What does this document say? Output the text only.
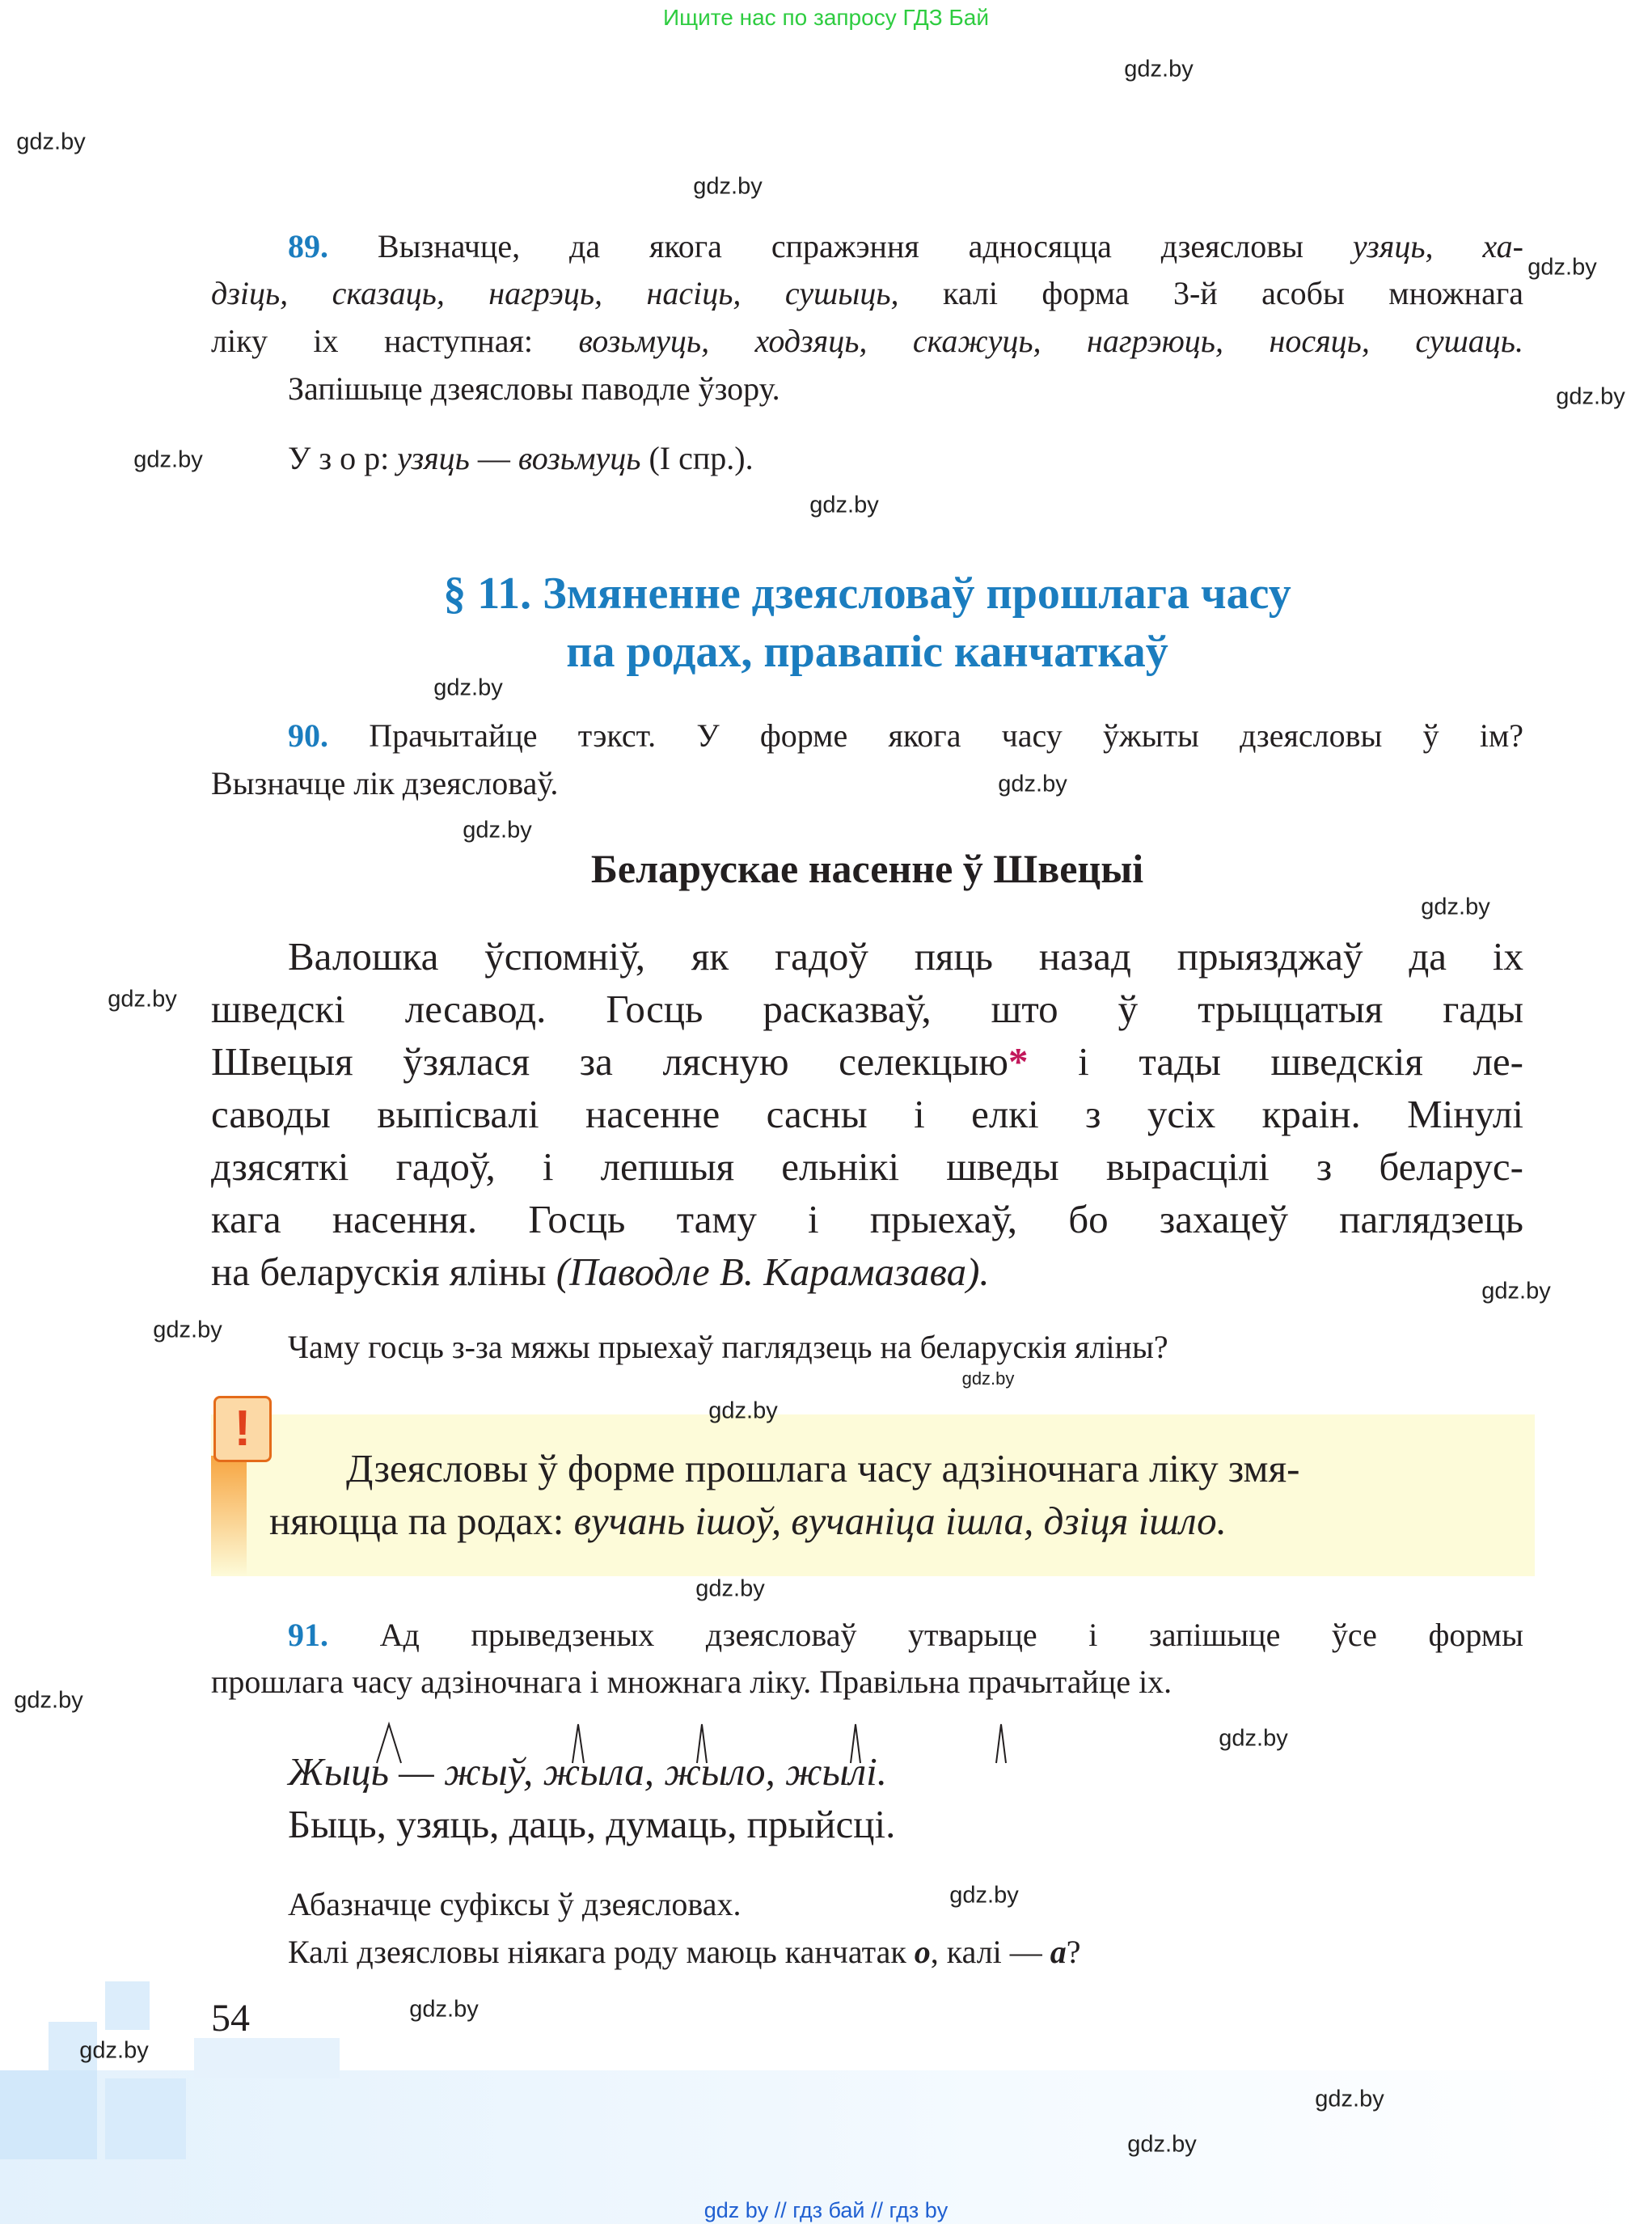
Ищите нас по запросу ГДЗ Бай
89. Вызначце, да якога спражэння адносяцца дзеясловы узяць, ха-
дзіць, сказаць, нагрэць, насіць, сушыць, калі форма 3-й асобы множнага
ліку іх наступная: возьмуць, ходзяць, скажуць, нагрэюць, носяць, сушаць.
Запішыце дзеясловы паводле ўзору.
У з о р: узяць — возьмуць (I спр.).
§ 11. Змяненне дзеясловаў прошлага часу
па родах, правапіс канчаткаў
90. Прачытайце тэкст. У форме якога часу ўжыты дзеясловы ў ім?
Вызначце лік дзеясловаў.
Беларускае насенне ў Швецыі
Валошка ўспомніў, як гадоў пяць назад прыязджаў да іх
шведскі лесавод. Госць расказваў, што ў трыццатыя гады
Швецыя ўзялася за лясную селекцыю* і тады шведскія ле-
саводы выпісвалі насенне сасны і елкі з усіх краін. Мінулі
дзясяткі гадоў, і лепшыя ельнікі шведы вырасцілі з беларус-
кага насення. Госць таму і прыехаў, бо захацеў паглядзець
на беларускія яліны (Паводле В. Карамазава).
Чаму госць з-за мяжы прыехаў паглядзець на беларускія яліны?
!
Дзеясловы ў форме прошлага часу адзіночнага ліку змя-
няюцца па родах: вучань ішоў, вучаніца ішла, дзіця ішло.
91. Ад прыведзеных дзеясловаў утварыце і запішыце ўсе формы
прошлага часу адзіночнага і множнага ліку. Правільна прачытайце іх.
Жыць — жыў, жыла, жыло, жылі.
Быць, узяць, даць, думаць, прыйсці.
Абазначце суфіксы ў дзеясловах.
Калі дзеясловы ніякага роду маюць канчатак о, калі — а?
54
gdz.by
gdz.by
gdz.by
gdz.by
gdz.by
gdz.by
gdz.by
gdz.by
gdz.by
gdz.by
gdz.by
gdz.by
gdz.by
gdz.by
gdz.by
gdz.by
gdz.by
gdz.by
gdz.by
gdz.by
gdz.by
gdz.by
gdz.by
gdz.by
gdz by // гдз бай // гдз by
